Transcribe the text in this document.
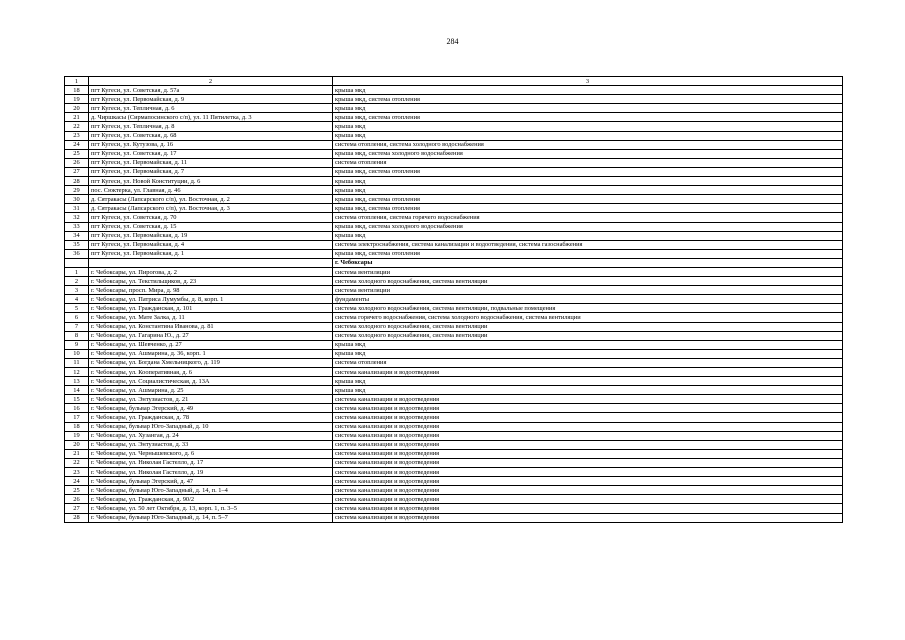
284
1	2	3
18	пгт Кугеси, ул. Советская, д. 57а	крыша мкд
19	пгт Кугеси, ул. Первомайская, д. 9	крыша мкд, система отопления
20	пгт Кугеси, ул. Тепличная, д. 6	крыша мкд
21	д. Чиршкасы (Сирмапосинского с/п), ул. 11 Пятилетка, д. 3	крыша мкд, система отопления
22	пгт Кугеси, ул. Тепличная, д. 8	крыша мкд
23	пгт Кугеси, ул. Советская, д. 68	крыша мкд
24	пгт Кугеси, ул. Кутузова, д. 16	система отопления, система холодного водоснабжения
25	пгт Кугеси, ул. Советская, д. 17	крыша мкд, система холодного водоснабжения
26	пгт Кугеси, ул. Первомайская, д. 11	система отопления
27	пгт Кугеси, ул. Первомайская, д. 7	крыша мкд, система отопления
28	пгт Кугеси, ул. Новой Конституции, д. 6	крыша мкд
29	пос. Сюктерка, ул. Главная, д. 46	крыша мкд
30	д. Сятракасы (Лапсарского с/п), ул. Восточная, д. 2	крыша мкд, система отопления
31	д. Сятракасы (Лапсарского с/п), ул. Восточная, д. 3	крыша мкд, система отопления
32	пгт Кугеси, ул. Советская, д. 70	система отопления, система горячего водоснабжения
33	пгт Кугеси, ул. Советская, д. 15	крыша мкд, система холодного водоснабжения
34	пгт Кугеси, ул. Первомайская, д. 19	крыша мкд
35	пгт Кугеси, ул. Первомайская, д. 4	система электроснабжения, система канализации и водоотведения, система газоснабжения
36	пгт Кугеси, ул. Первомайская, д. 1	крыша мкд, система отопления
		г. Чебоксары
1	г. Чебоксары, ул. Пирогова, д. 2	система вентиляции
2	г. Чебоксары, ул. Текстильщиков, д. 23	система холодного водоснабжения, система вентиляции
3	г. Чебоксары, просп. Мира, д. 98	система вентиляции
4	г. Чебоксары, ул. Патриса Лумумбы, д. 8, корп. 1	фундаменты
5	г. Чебоксары, ул. Гражданская, д. 101	система холодного водоснабжения, система вентиляции, подвальные помещения
6	г. Чебоксары, ул. Мате Залка, д. 11	система горячего водоснабжения, система холодного водоснабжения, система вентиляции
7	г. Чебоксары, ул. Константина Иванова, д. 81	система холодного водоснабжения, система вентиляции
8	г. Чебоксары, ул. Гагарина Ю., д. 27	система холодного водоснабжения, система вентиляции
9	г. Чебоксары, ул. Шевченко, д. 27	крыша мкд
10	г. Чебоксары, ул. Ашмарина, д. 36, корп. 1	крыша мкд
11	г. Чебоксары, ул. Богдана Хмельницкого, д. 119	система отопления
12	г. Чебоксары, ул. Кооперативная, д. 6	система канализации и водоотведения
13	г. Чебоксары, ул. Социалистическая, д. 13А	крыша мкд
14	г. Чебоксары, ул. Ашмарина, д. 25	крыша мкд
15	г. Чебоксары, ул. Энтузиастов, д. 21	система канализации и водоотведения
16	г. Чебоксары, бульвар Эгерский, д. 49	система канализации и водоотведения
17	г. Чебоксары, ул. Гражданская, д. 78	система канализации и водоотведения
18	г. Чебоксары, бульвар Юго-Западный, д. 10	система канализации и водоотведения
19	г. Чебоксары, ул. Хузангая, д. 24	система канализации и водоотведения
20	г. Чебоксары, ул. Энтузиастов, д. 33	система канализации и водоотведения
21	г. Чебоксары, ул. Чернышевского, д. 6	система канализации и водоотведения
22	г. Чебоксары, ул. Николая Гастелло, д. 17	система канализации и водоотведения
23	г. Чебоксары, ул. Николая Гастелло, д. 19	система канализации и водоотведения
24	г. Чебоксары, бульвар Эгерский, д. 47	система канализации и водоотведения
25	г. Чебоксары, бульвар Юго-Западный, д. 14, п. 1–4	система канализации и водоотведения
26	г. Чебоксары, ул. Гражданская, д. 90/2	система канализации и водоотведения
27	г. Чебоксары, ул. 50 лет Октября, д. 13, корп. 1, п. 3–5	система канализации и водоотведения
28	г. Чебоксары, бульвар Юго-Западный, д. 14, п. 5–7	система канализации и водоотведения
